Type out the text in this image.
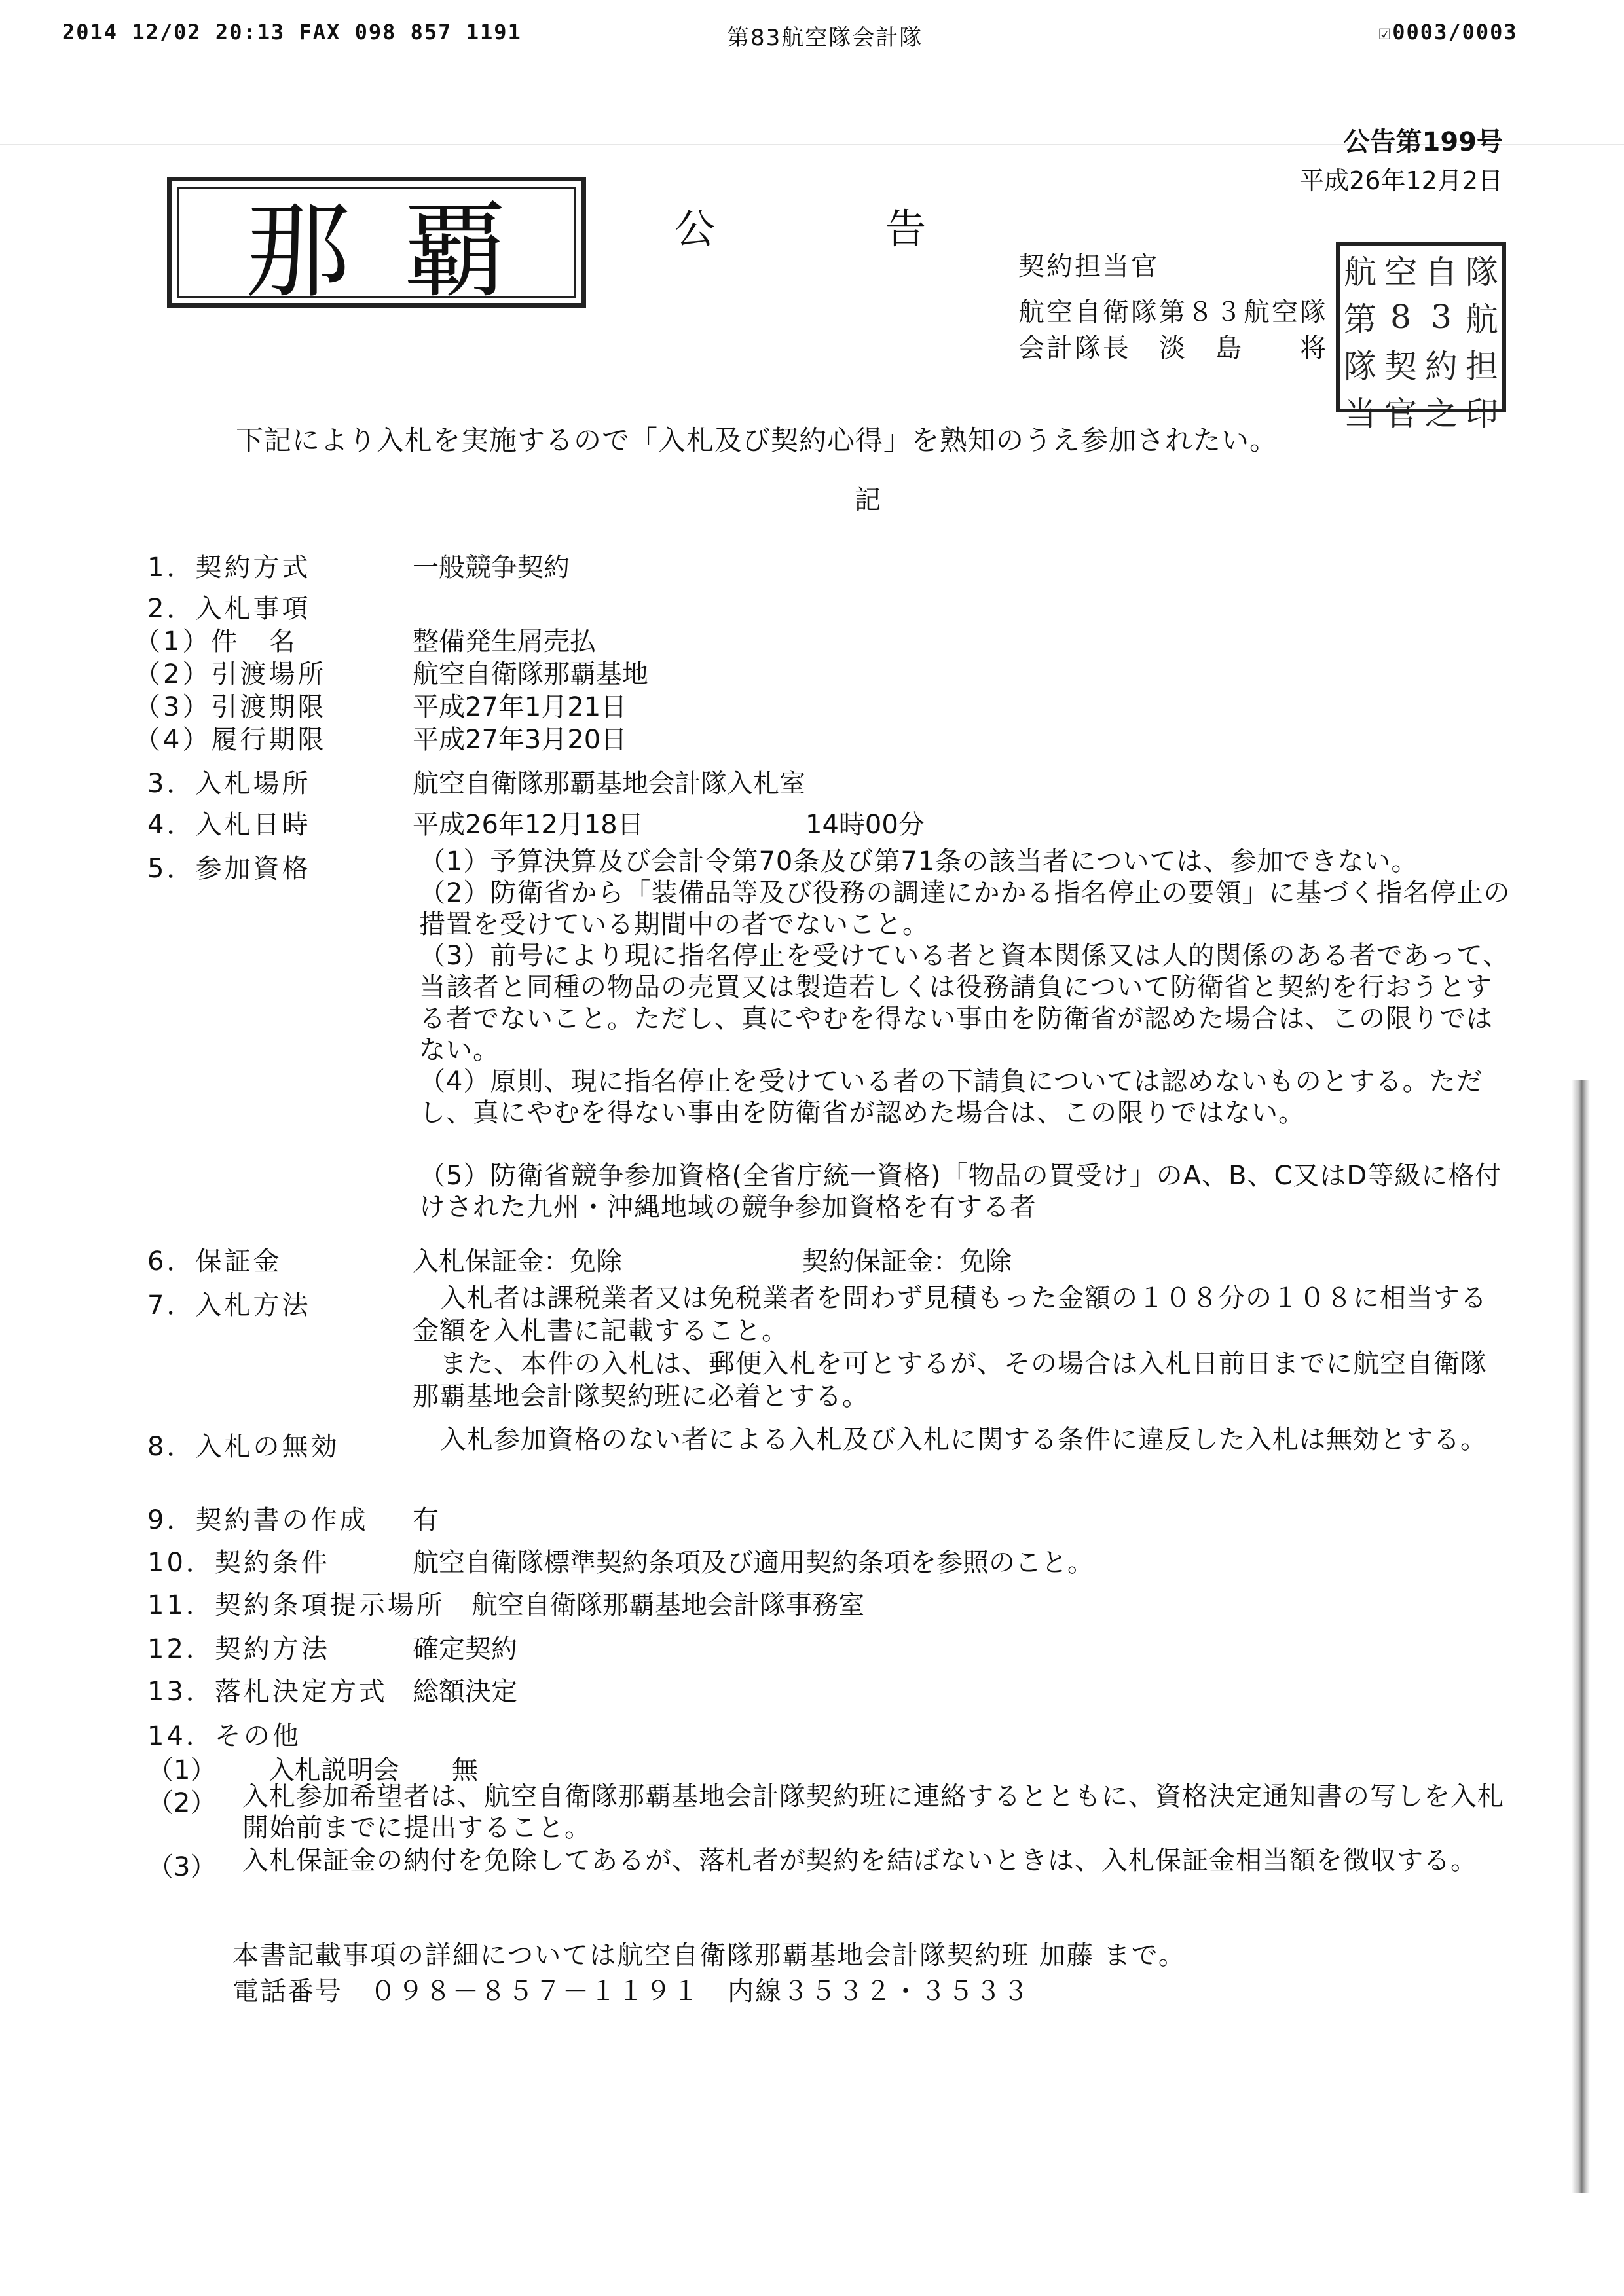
2014 12/02 20:13 FAX 098 857 1191	第83航空隊会計隊	☑0003/0003
公告第199号
平成26年12月2日
那覇	公告
契約担当官
航空自衛隊第８３航空隊
会計隊長　淡　島　　将
航 空 自 隊
第 8 3 航
隊 契 約 担
当 官 之 印
下記により入札を実施するので「入札及び契約心得」を熟知のうえ参加されたい。
記
1．契約方式	一般競争契約
2．入札事項
（1）件　名	整備発生屑売払
（2）引渡場所	航空自衛隊那覇基地
（3）引渡期限	平成27年1月21日
（4）履行期限	平成27年3月20日
3．入札場所	航空自衛隊那覇基地会計隊入札室
4．入札日時	平成26年12月18日	14時00分
5．参加資格	（1）予算決算及び会計令第70条及び第71条の該当者については、参加できない。
（2）防衛省から「装備品等及び役務の調達にかかる指名停止の要領」に基づく指名停止の措置を受けている期間中の者でないこと。
（3）前号により現に指名停止を受けている者と資本関係又は人的関係のある者であって、当該者と同種の物品の売買又は製造若しくは役務請負について防衛省と契約を行おうとする者でないこと。ただし、真にやむを得ない事由を防衛省が認めた場合は、この限りではない。
（4）原則、現に指名停止を受けている者の下請負については認めないものとする。ただし、真にやむを得ない事由を防衛省が認めた場合は、この限りではない。
（5）防衛省競争参加資格(全省庁統一資格)「物品の買受け」のA、B、C又はD等級に格付けされた九州・沖縄地域の競争参加資格を有する者
6．保証金	入札保証金：免除	契約保証金：免除
7．入札方法	入札者は課税業者又は免税業者を問わず見積もった金額の１０８分の１０８に相当する金額を入札書に記載すること。
また、本件の入札は、郵便入札を可とするが、その場合は入札日前日までに航空自衛隊那覇基地会計隊契約班に必着とする。
8．入札の無効	入札参加資格のない者による入札及び入札に関する条件に違反した入札は無効とする。
9．契約書の作成 有
10．契約条件	航空自衛隊標準契約条項及び適用契約条項を参照のこと。
11．契約条項提示場所 航空自衛隊那覇基地会計隊事務室
12．契約方法	確定契約
13．落札決定方式 総額決定
14．その他
（1） 入札説明会　　無
（2） 入札参加希望者は、航空自衛隊那覇基地会計隊契約班に連絡するとともに、資格決定通知書の写しを入札開始前までに提出すること。
（3） 入札保証金の納付を免除してあるが、落札者が契約を結ばないときは、入札保証金相当額を徴収する。
本書記載事項の詳細については航空自衛隊那覇基地会計隊契約班 加藤 まで。
電話番号　０９８－８５７－１１９１　内線３５３２・３５３３
